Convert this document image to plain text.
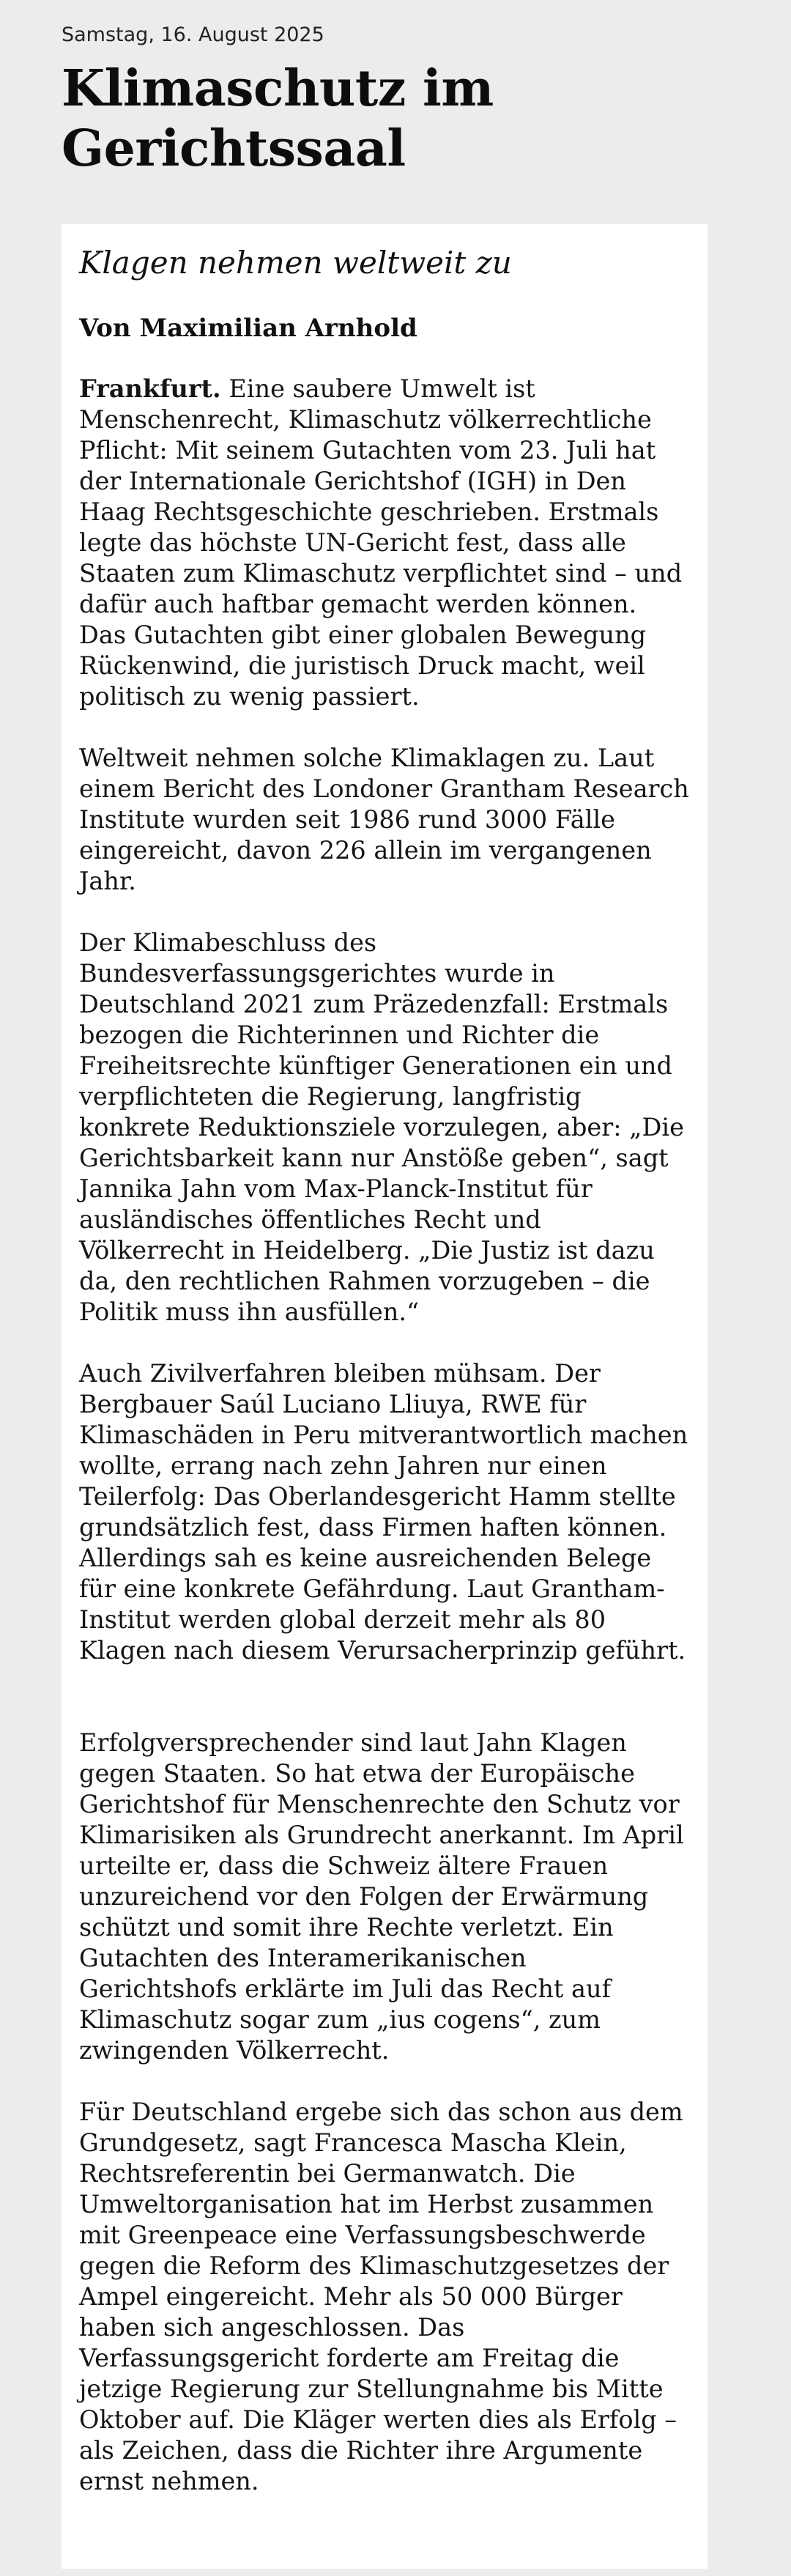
Samstag, 16. August 2025
Klimaschutz im Gerichtssaal

Klagen nehmen weltweit zu

Von Maximilian Arnhold

Frankfurt. Eine saubere Umwelt ist Menschenrecht, Klimaschutz völkerrechtliche Pflicht: Mit seinem Gutachten vom 23. Juli hat der Internationale Gerichtshof (IGH) in Den Haag Rechtsgeschichte geschrieben. Erstmals legte das höchste UN-Gericht fest, dass alle Staaten zum Klimaschutz verpflichtet sind – und dafür auch haftbar gemacht werden können. Das Gutachten gibt einer globalen Bewegung Rückenwind, die juristisch Druck macht, weil politisch zu wenig passiert.

Weltweit nehmen solche Klimaklagen zu. Laut einem Bericht des Londoner Grantham Research Institute wurden seit 1986 rund 3000 Fälle eingereicht, davon 226 allein im vergangenen Jahr.

Der Klimabeschluss des Bundesverfassungsgerichtes wurde in Deutschland 2021 zum Präzedenzfall: Erstmals bezogen die Richterinnen und Richter die Freiheitsrechte künftiger Generationen ein und verpflichteten die Regierung, langfristig konkrete Reduktionsziele vorzulegen, aber: „Die Gerichtsbarkeit kann nur Anstöße geben“, sagt Jannika Jahn vom Max-Planck-Institut für ausländisches öffentliches Recht und Völkerrecht in Heidelberg. „Die Justiz ist dazu da, den rechtlichen Rahmen vorzugeben – die Politik muss ihn ausfüllen.“

Auch Zivilverfahren bleiben mühsam. Der Bergbauer Saúl Luciano Lliuya, RWE für Klimaschäden in Peru mitverantwortlich machen wollte, errang nach zehn Jahren nur einen Teilerfolg: Das Oberlandesgericht Hamm stellte grundsätzlich fest, dass Firmen haften können. Allerdings sah es keine ausreichenden Belege für eine konkrete Gefährdung. Laut Grantham-Institut werden global derzeit mehr als 80 Klagen nach diesem Verursacherprinzip geführt.

Erfolgversprechender sind laut Jahn Klagen gegen Staaten. So hat etwa der Europäische Gerichtshof für Menschenrechte den Schutz vor Klimarisiken als Grundrecht anerkannt. Im April urteilte er, dass die Schweiz ältere Frauen unzureichend vor den Folgen der Erwärmung schützt und somit ihre Rechte verletzt. Ein Gutachten des Interamerikanischen Gerichtshofs erklärte im Juli das Recht auf Klimaschutz sogar zum „ius cogens“, zum zwingenden Völkerrecht.

Für Deutschland ergebe sich das schon aus dem Grundgesetz, sagt Francesca Mascha Klein, Rechtsreferentin bei Germanwatch. Die Umweltorganisation hat im Herbst zusammen mit Greenpeace eine Verfassungsbeschwerde gegen die Reform des Klimaschutzgesetzes der Ampel eingereicht. Mehr als 50 000 Bürger haben sich angeschlossen. Das Verfassungsgericht forderte am Freitag die jetzige Regierung zur Stellungnahme bis Mitte Oktober auf. Die Kläger werten dies als Erfolg – als Zeichen, dass die Richter ihre Argumente ernst nehmen.
